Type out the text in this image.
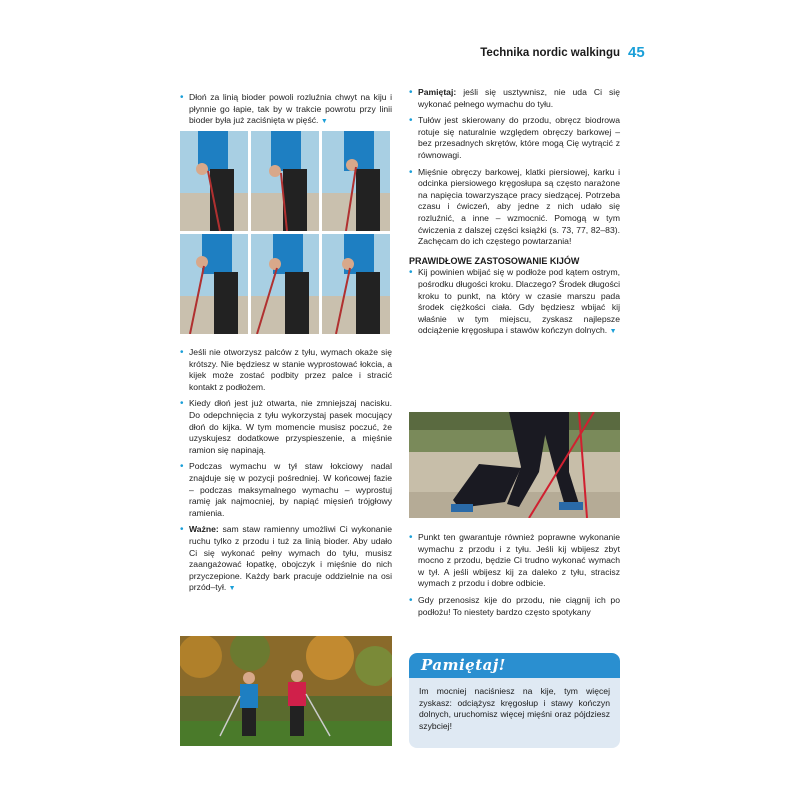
Technika nordic walkingu 45
• Dłoń za linią bioder powoli rozluźnia chwyt na kiju i płynnie go łapie, tak by w trakcie powrotu przy linii bioder była już zaciśnięta w pięść. ▼
• Jeśli nie otworzysz palców z tyłu, wymach okaże się krótszy. Nie będziesz w stanie wyprostować łokcia, a kijek może zostać podbity przez palce i stracić kontakt z podłożem.
• Kiedy dłoń jest już otwarta, nie zmniejszaj nacisku. Do odepchnięcia z tyłu wykorzystaj pasek mocujący dłoń do kijka. W tym momencie musisz poczuć, że uzyskujesz dodatkowe przyspieszenie, a mięśnie ramion się napinają.
• Podczas wymachu w tył staw łokciowy nadal znajduje się w pozycji pośredniej. W końcowej fazie – podczas maksymalnego wymachu – wyprostuj ramię jak najmocniej, by napiąć mięsień trójgłowy ramienia.
• Ważne: sam staw ramienny umożliwi Ci wykonanie ruchu tylko z przodu i tuż za linią bioder. Aby udało Ci się wykonać pełny wymach do tyłu, musisz zaangażować łopatkę, obojczyk i mięśnie do nich przyczepione. Każdy bark pracuje oddzielnie na osi przód–tył. ▼
• Pamiętaj: jeśli się usztywnisz, nie uda Ci się wykonać pełnego wymachu do tyłu.
• Tułów jest skierowany do przodu, obręcz biodrowa rotuje się naturalnie względem obręczy barkowej – bez przesadnych skrętów, które mogą Cię wytrącić z równowagi.
• Mięśnie obręczy barkowej, klatki piersiowej, karku i odcinka piersiowego kręgosłupa są często narażone na napięcia towarzyszące pracy siedzącej. Potrzeba czasu i ćwiczeń, aby jedne z nich udało się rozluźnić, a inne – wzmocnić. Pomogą w tym ćwiczenia z dalszej części książki (s. 73, 77, 82–83). Zachęcam do ich częstego powtarzania!
PRAWIDŁOWE ZASTOSOWANIE KIJÓW
• Kij powinien wbijać się w podłoże pod kątem ostrym, pośrodku długości kroku. Dlaczego? Środek długości kroku to punkt, na który w czasie marszu pada środek ciężkości ciała. Gdy będziesz wbijać kij właśnie w tym miejscu, zyskasz najlepsze odciążenie kręgosłupa i stawów kończyn dolnych. ▼
• Punkt ten gwarantuje również poprawne wykonanie wymachu z przodu i z tyłu. Jeśli kij wbijesz zbyt mocno z przodu, będzie Ci trudno wykonać wymach w tył. A jeśli wbijesz kij za daleko z tyłu, stracisz wymach z przodu i dobre odbicie.
• Gdy przenosisz kije do przodu, nie ciągnij ich po podłożu! To niestety bardzo często spotykany
Pamiętaj!
Im mocniej naciśniesz na kije, tym więcej zyskasz: odciążysz kręgosłup i stawy kończyn dolnych, uruchomisz więcej mięśni oraz pójdziesz szybciej!
